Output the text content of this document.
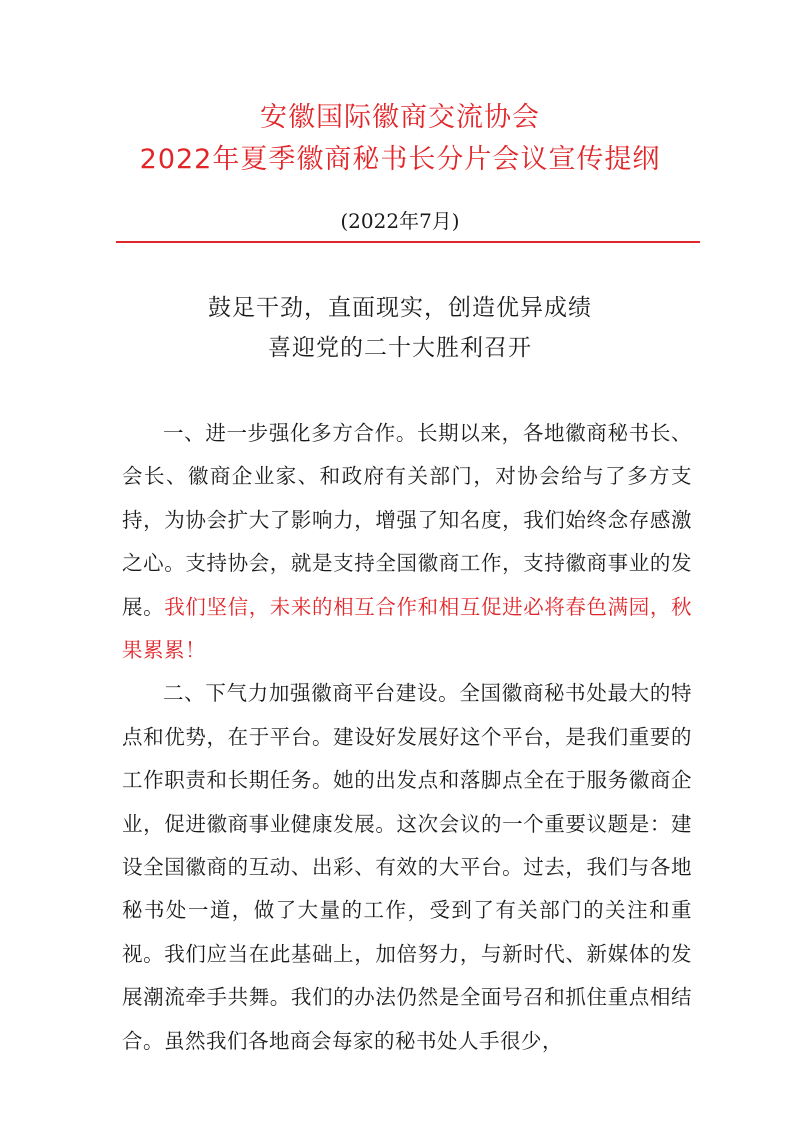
安徽国际徽商交流协会
2022年夏季徽商秘书长分片会议宣传提纲
(2022年7月)
鼓足干劲，直面现实，创造优异成绩
喜迎党的二十大胜利召开

一、进一步强化多方合作。长期以来，各地徽商秘书长、会长、徽商企业家、和政府有关部门，对协会给与了多方支持，为协会扩大了影响力，增强了知名度，我们始终念存感激之心。支持协会，就是支持全国徽商工作，支持徽商事业的发展。我们坚信，未来的相互合作和相互促进必将春色满园，秋果累累！

二、下气力加强徽商平台建设。全国徽商秘书处最大的特点和优势，在于平台。建设好发展好这个平台，是我们重要的工作职责和长期任务。她的出发点和落脚点全在于服务徽商企业，促进徽商事业健康发展。这次会议的一个重要议题是：建设全国徽商的互动、出彩、有效的大平台。过去，我们与各地秘书处一道，做了大量的工作，受到了有关部门的关注和重视。我们应当在此基础上，加倍努力，与新时代、新媒体的发展潮流牵手共舞。我们的办法仍然是全面号召和抓住重点相结合。虽然我们各地商会每家的秘书处人手很少，
